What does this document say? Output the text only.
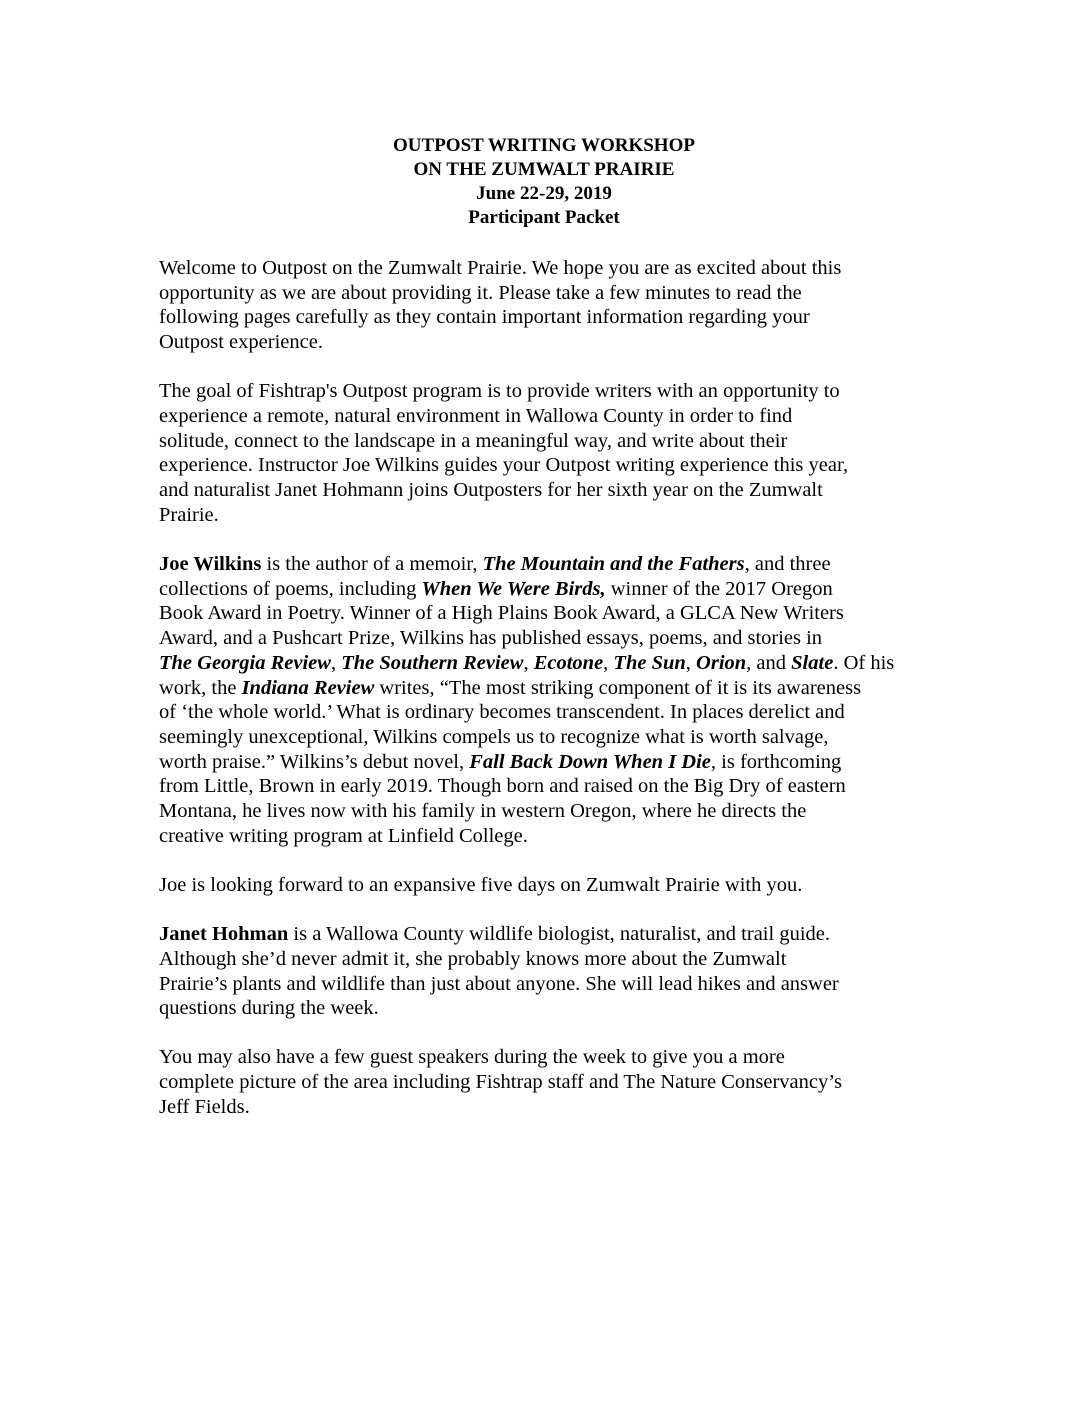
OUTPOST WRITING WORKSHOP
ON THE ZUMWALT PRAIRIE
June 22-29, 2019
Participant Packet

Welcome to Outpost on the Zumwalt Prairie. We hope you are as excited about this
opportunity as we are about providing it. Please take a few minutes to read the
following pages carefully as they contain important information regarding your
Outpost experience.

The goal of Fishtrap's Outpost program is to provide writers with an opportunity to
experience a remote, natural environment in Wallowa County in order to find
solitude, connect to the landscape in a meaningful way, and write about their
experience. Instructor Joe Wilkins guides your Outpost writing experience this year,
and naturalist Janet Hohmann joins Outposters for her sixth year on the Zumwalt
Prairie.

Joe Wilkins is the author of a memoir, The Mountain and the Fathers, and three
collections of poems, including When We Were Birds, winner of the 2017 Oregon
Book Award in Poetry. Winner of a High Plains Book Award, a GLCA New Writers
Award, and a Pushcart Prize, Wilkins has published essays, poems, and stories in
The Georgia Review, The Southern Review, Ecotone, The Sun, Orion, and Slate. Of his
work, the Indiana Review writes, “The most striking component of it is its awareness
of ‘the whole world.’ What is ordinary becomes transcendent. In places derelict and
seemingly unexceptional, Wilkins compels us to recognize what is worth salvage,
worth praise.” Wilkins’s debut novel, Fall Back Down When I Die, is forthcoming
from Little, Brown in early 2019. Though born and raised on the Big Dry of eastern
Montana, he lives now with his family in western Oregon, where he directs the
creative writing program at Linfield College.

Joe is looking forward to an expansive five days on Zumwalt Prairie with you.

Janet Hohman is a Wallowa County wildlife biologist, naturalist, and trail guide.
Although she’d never admit it, she probably knows more about the Zumwalt
Prairie’s plants and wildlife than just about anyone. She will lead hikes and answer
questions during the week.

You may also have a few guest speakers during the week to give you a more
complete picture of the area including Fishtrap staff and The Nature Conservancy’s
Jeff Fields.
